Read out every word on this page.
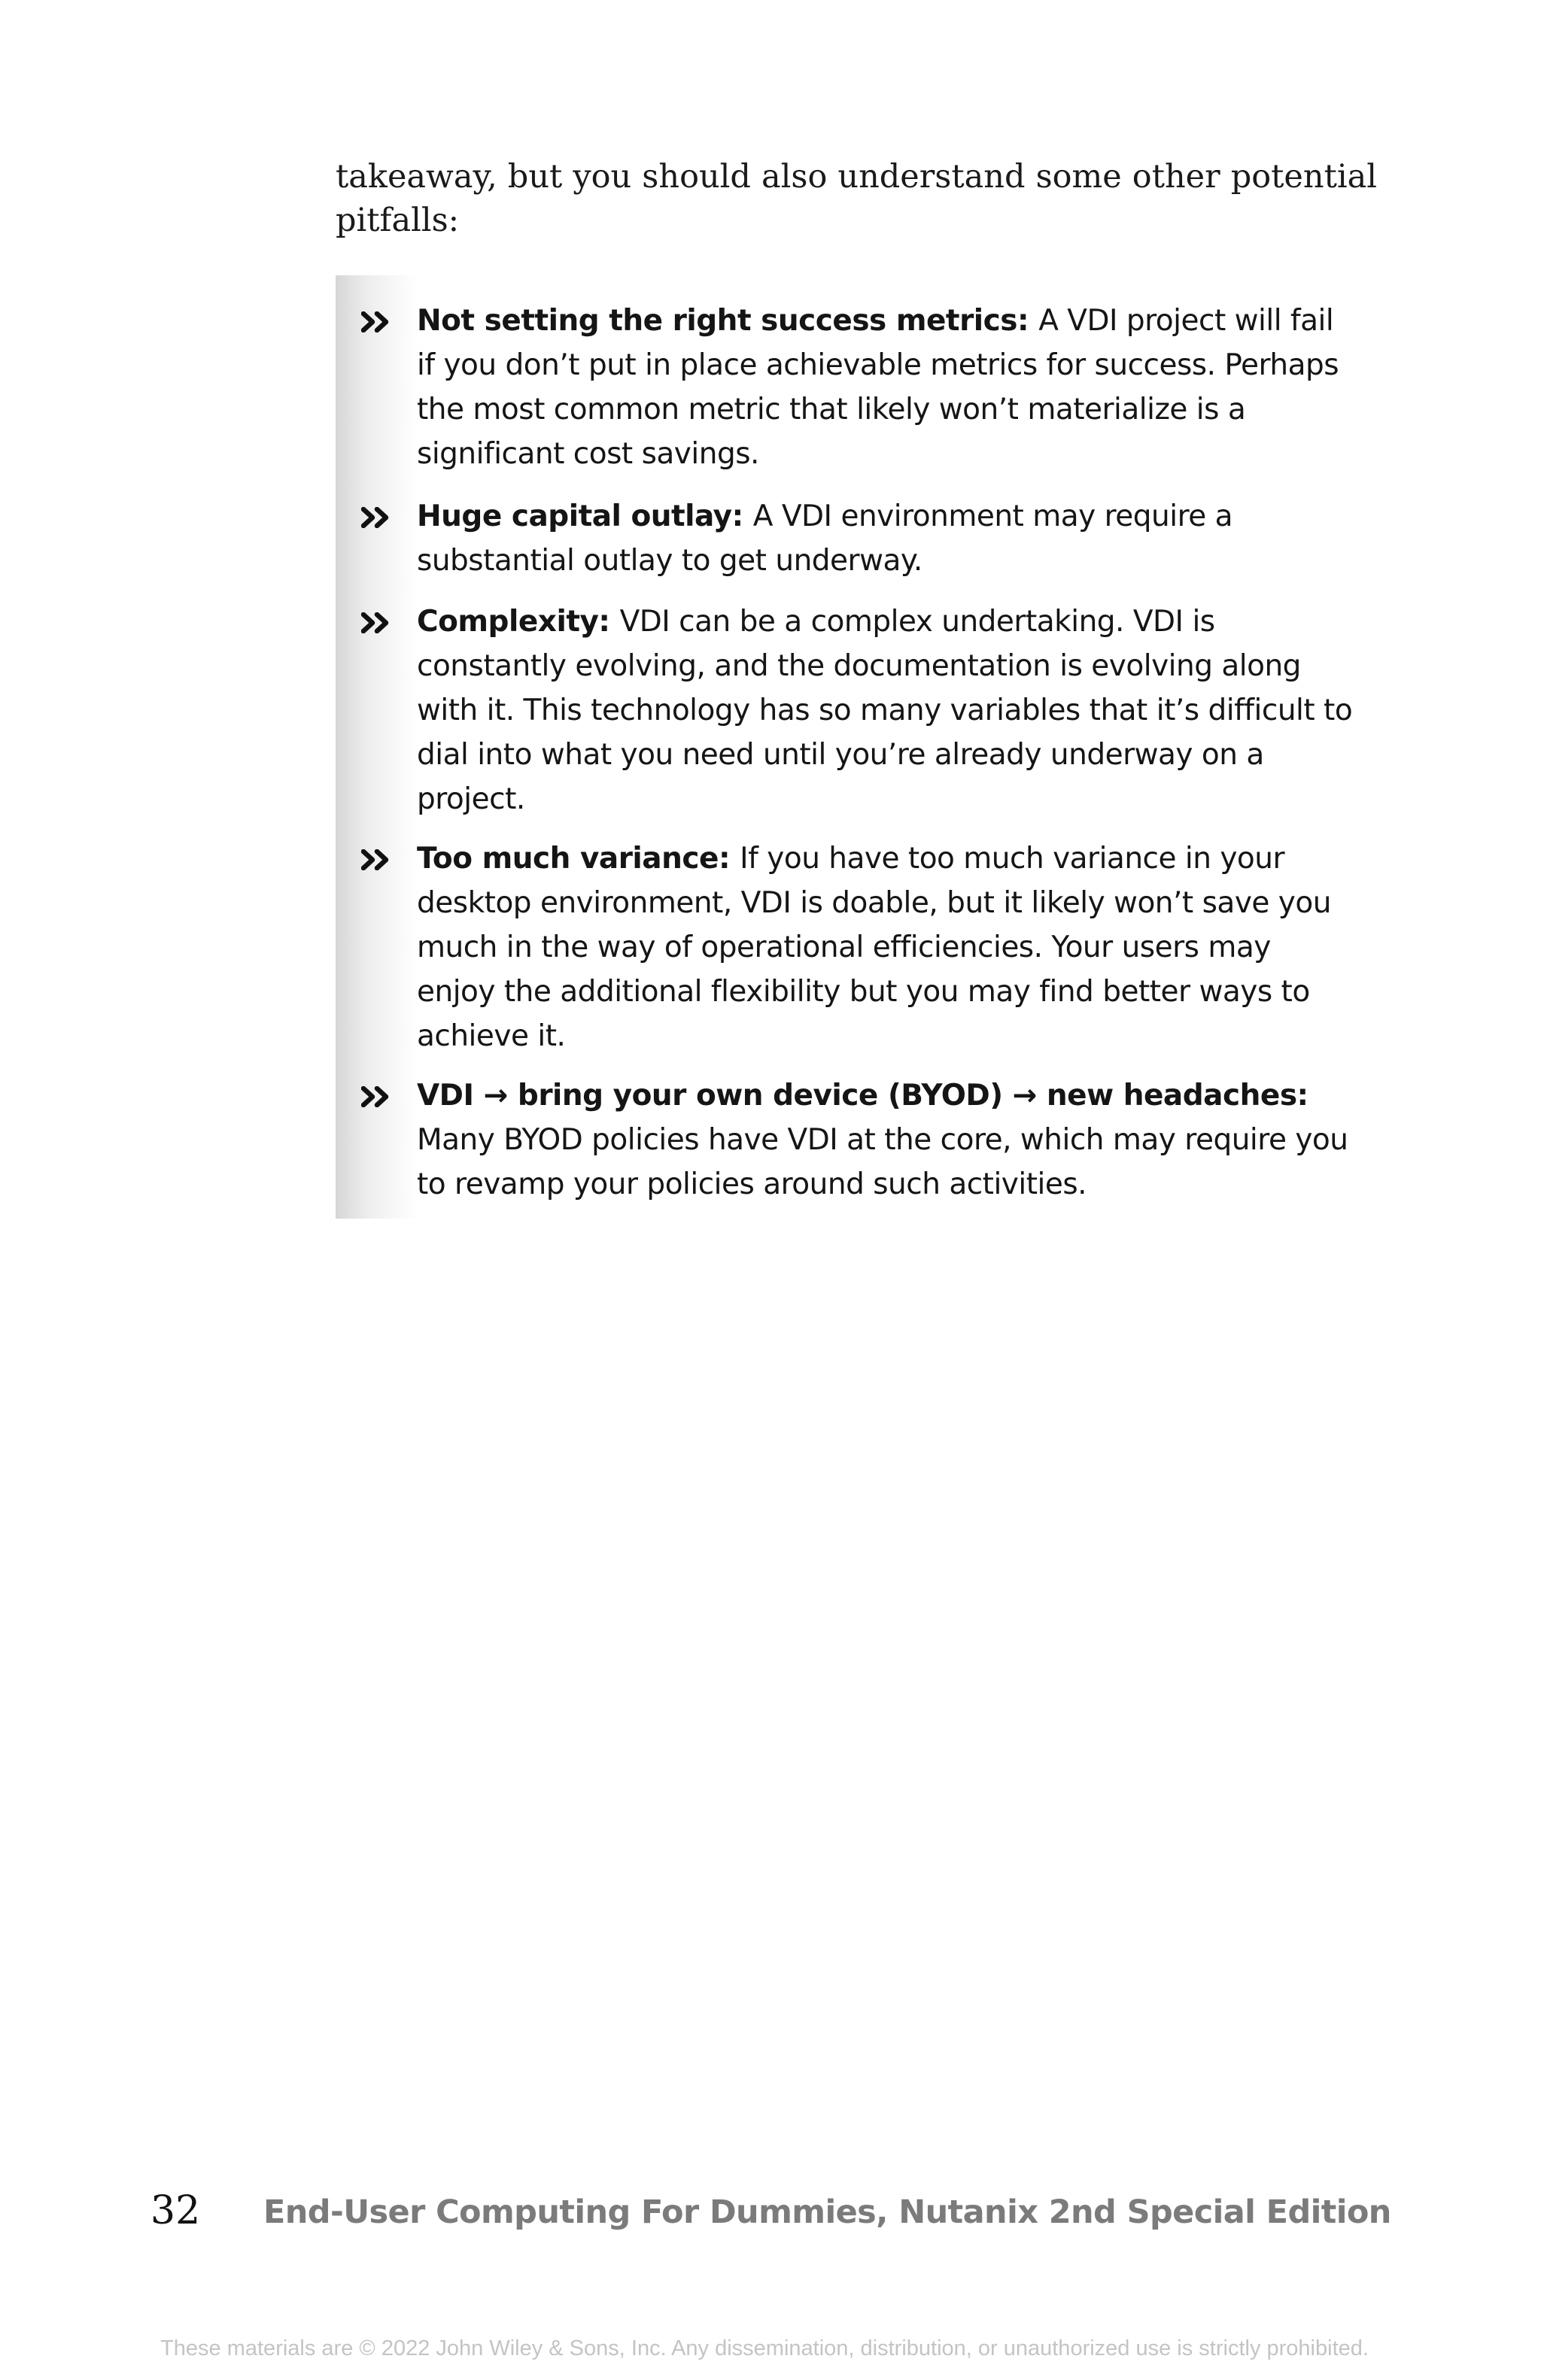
takeaway, but you should also understand some other potential pitfalls:

Not setting the right success metrics: A VDI project will fail if you don’t put in place achievable metrics for success. Perhaps the most common metric that likely won’t materialize is a significant cost savings.
Huge capital outlay: A VDI environment may require a substantial outlay to get underway.
Complexity: VDI can be a complex undertaking. VDI is constantly evolving, and the documentation is evolving along with it. This technology has so many variables that it’s difficult to dial into what you need until you’re already underway on a project.
Too much variance: If you have too much variance in your desktop environment, VDI is doable, but it likely won’t save you much in the way of operational efficiencies. Your users may enjoy the additional flexibility but you may find better ways to achieve it.
VDI → bring your own device (BYOD) → new headaches: Many BYOD policies have VDI at the core, which may require you to revamp your policies around such activities.
32 End-User Computing For Dummies, Nutanix 2nd Special Edition
These materials are © 2022 John Wiley & Sons, Inc. Any dissemination, distribution, or unauthorized use is strictly prohibited.
